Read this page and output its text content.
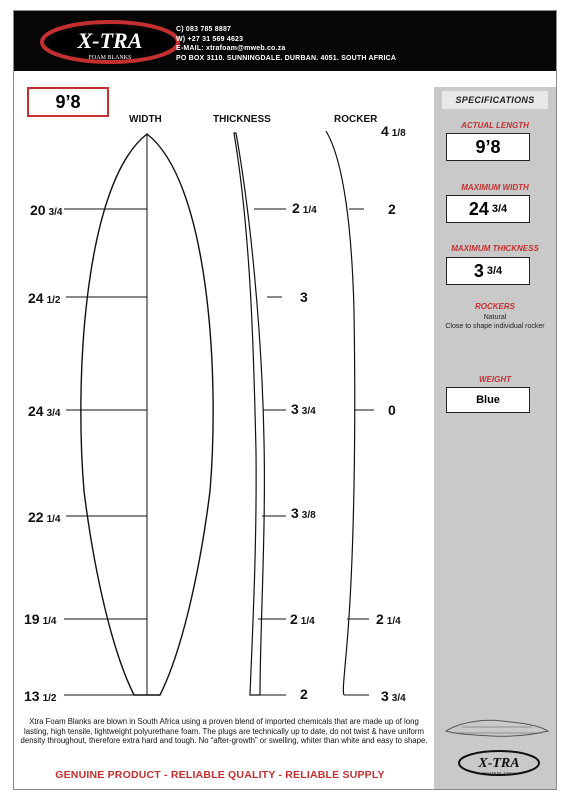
X-TRA
FOAM BLANKS
C) 083 785 8887
W) +27 31 569 4623
E-MAIL: xtrafoam@mweb.co.za
PO BOX 3110. SUNNINGDALE. DURBAN. 4051. SOUTH AFRICA
9’8
WIDTH	THICKNESS	ROCKER
20 3/4
24 1/2
24 3/4
22 1/4
19 1/4
13 1/2
2 1/4
3
3 3/4
3 3/8
2 1/4
2
4 1/8
2
0
2 1/4
3 3/4
SPECIFICATIONS
ACTUAL LENGTH
9’8
MAXIMUM WIDTH
24 3/4
MAXIMUM THICKNESS
3 3/4
ROCKERS
Natural
Close to shape individual rocker
WEIGHT
Blue
Xtra Foam Blanks are blown in South Africa using a proven blend of imported chemicals that are made up of long lasting, high tensile, lightweight polyurethane foam. The plugs are technically up to date, do not twist & have uniform density throughout, therefore extra hard and tough. No “after-growth” or swelling, whiter than white and easy to shape.
GENUINE PRODUCT - RELIABLE QUALITY - RELIABLE SUPPLY
X-TRA
FOAM BLANKS
